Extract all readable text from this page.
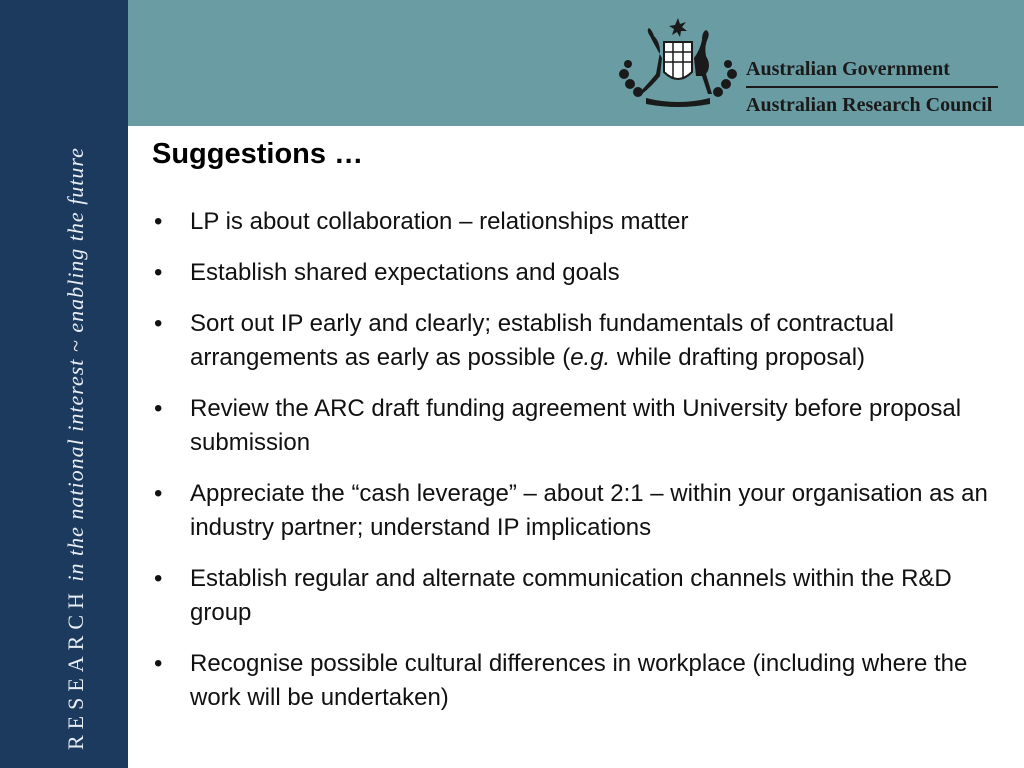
RESEARCH in the national interest ~ enabling the future
Australian Government
Australian Research Council
Suggestions …
• LP is about collaboration – relationships matter
• Establish shared expectations and goals
• Sort out IP early and clearly; establish fundamentals of contractual arrangements as early as possible (e.g. while drafting proposal)
• Review the ARC draft funding agreement with University before proposal submission
• Appreciate the “cash leverage” – about 2:1 – within your organisation as an industry partner; understand IP implications
• Establish regular and alternate communication channels within the R&D group
• Recognise possible cultural differences in workplace (including where the work will be undertaken)
